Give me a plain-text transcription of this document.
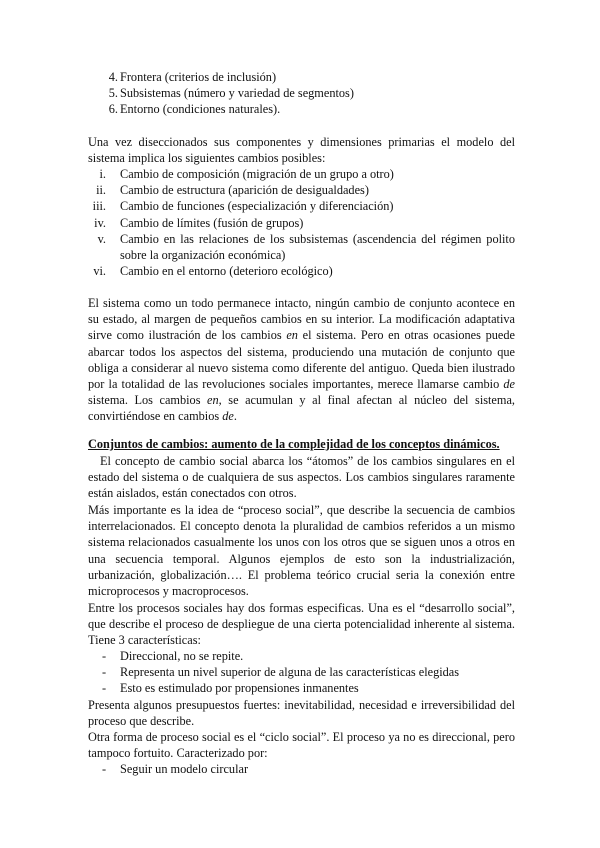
4. Frontera (criterios de inclusión)
5. Subsistemas (número y variedad de segmentos)
6. Entorno (condiciones naturales).

Una vez diseccionados sus componentes y dimensiones primarias el modelo del sistema implica los siguientes cambios posibles:

i. Cambio de composición (migración de un grupo a otro)
ii. Cambio de estructura (aparición de desigualdades)
iii. Cambio de funciones (especialización y diferenciación)
iv. Cambio de límites (fusión de grupos)
v. Cambio en las relaciones de los subsistemas (ascendencia del régimen polito sobre la organización económica)
vi. Cambio en el entorno (deterioro ecológico)

El sistema como un todo permanece intacto, ningún cambio de conjunto acontece en su estado, al margen de pequeños cambios en su interior. La modificación adaptativa sirve como ilustración de los cambios en el sistema. Pero en otras ocasiones puede abarcar todos los aspectos del sistema, produciendo una mutación de conjunto que obliga a considerar al nuevo sistema como diferente del antiguo. Queda bien ilustrado por la totalidad de las revoluciones sociales importantes, merece llamarse cambio de sistema. Los cambios en, se acumulan y al final afectan al núcleo del sistema, convirtiéndose en cambios de.

Conjuntos de cambios: aumento de la complejidad de los conceptos dinámicos.

El concepto de cambio social abarca los “átomos” de los cambios singulares en el estado del sistema o de cualquiera de sus aspectos. Los cambios singulares raramente están aislados, están conectados con otros.

Más importante es la idea de “proceso social”, que describe la secuencia de cambios interrelacionados. El concepto denota la pluralidad de cambios referidos a un mismo sistema relacionados casualmente los unos con los otros que se siguen unos a otros en una secuencia temporal. Algunos ejemplos de esto son la industrialización, urbanización, globalización…. El problema teórico crucial seria la conexión entre microprocesos y macroprocesos.

Entre los procesos sociales hay dos formas especificas. Una es el “desarrollo social”, que describe el proceso de despliegue de una cierta potencialidad inherente al sistema. Tiene 3 características:

- Direccional, no se repite.
- Representa un nivel superior de alguna de las características elegidas
- Esto es estimulado por propensiones inmanentes

Presenta algunos presupuestos fuertes: inevitabilidad, necesidad e irreversibilidad del proceso que describe.

Otra forma de proceso social es el “ciclo social”. El proceso ya no es direccional, pero tampoco fortuito. Caracterizado por:

- Seguir un modelo circular
